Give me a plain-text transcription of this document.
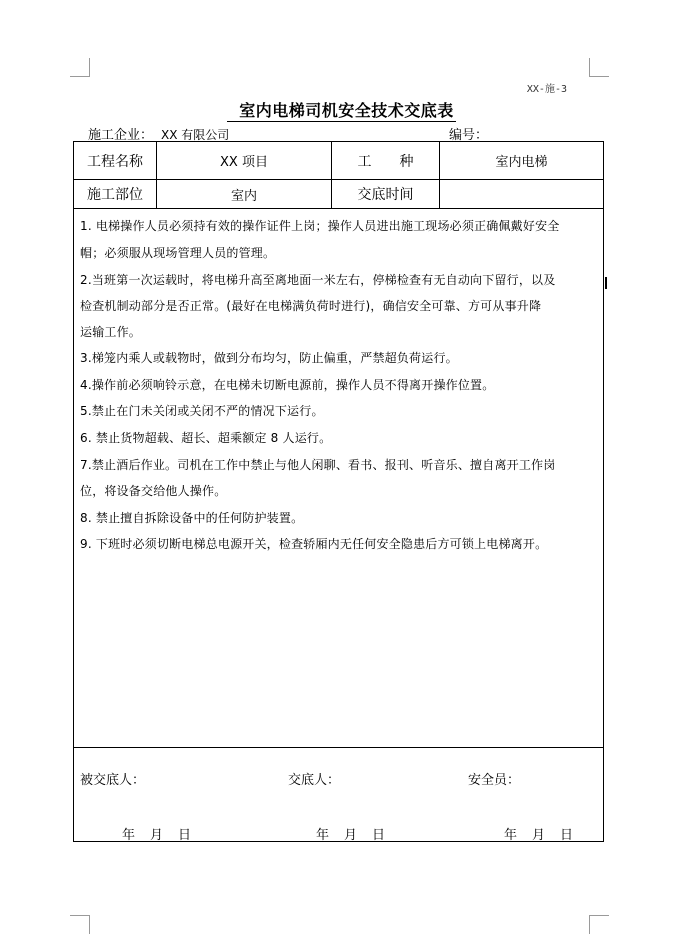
XX-施-3
室内电梯司机安全技术交底表
施工企业： XX 有限公司	编号：
工程名称	XX 项目	工　　种	室内电梯
施工部位	室内	交底时间
1. 电梯操作人员必须持有效的操作证件上岗；操作人员进出施工现场必须正确佩戴好安全
帽；必须服从现场管理人员的管理。
2.当班第一次运载时，将电梯升高至离地面一米左右，停梯检查有无自动向下留行，以及
检查机制动部分是否正常。(最好在电梯满负荷时进行)，确信安全可靠、方可从事升降
运输工作。
3.梯笼内乘人或载物时，做到分布均匀，防止偏重，严禁超负荷运行。
4.操作前必须响铃示意，在电梯未切断电源前，操作人员不得离开操作位置。
5.禁止在门未关闭或关闭不严的情况下运行。
6. 禁止货物超载、超长、超乘额定 8 人运行。
7.禁止酒后作业。司机在工作中禁止与他人闲聊、看书、报刊、听音乐、擅自离开工作岗
位，将设备交给他人操作。
8. 禁止擅自拆除设备中的任何防护装置。
9. 下班时必须切断电梯总电源开关，检查轿厢内无任何安全隐患后方可锁上电梯离开。
被交底人：	交底人：	安全员：
年　月　日	年　月　日	年　月　日
